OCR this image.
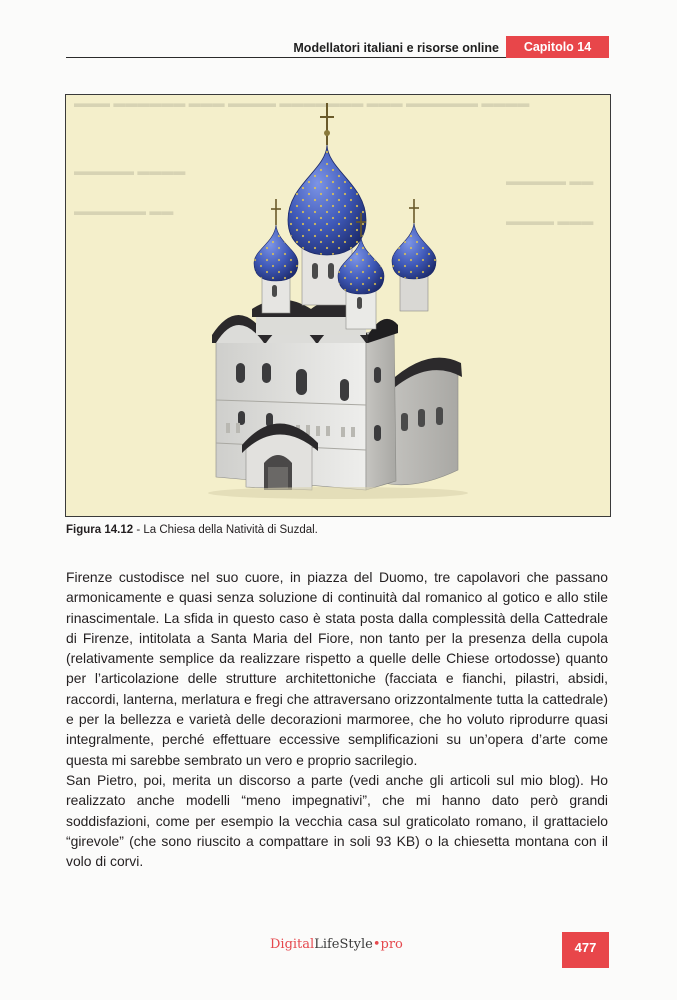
Modellatori italiani e risorse online	Capitolo 14
▬▬▬ ▬▬▬▬▬▬ ▬▬▬ ▬▬▬▬ ▬▬▬▬▬▬▬ ▬▬▬ ▬▬▬▬▬▬ ▬▬▬▬
▬▬▬▬▬ ▬▬▬▬
▬▬▬▬▬▬ ▬▬
▬▬▬▬▬ ▬▬
▬▬▬▬ ▬▬▬
Figura 14.12 - La Chiesa della Natività di Suzdal.

Firenze custodisce nel suo cuore, in piazza del Duomo, tre capolavori che passano armonicamente e quasi senza soluzione di continuità dal romanico al gotico e allo stile rinascimentale. La sfida in questo caso è stata posta dalla complessità della Cattedrale di Firenze, intitolata a Santa Maria del Fiore, non tanto per la presenza della cupola (relativamente semplice da realizzare rispetto a quelle delle Chiese ortodosse) quanto per l’articolazione delle strutture architettoniche (facciata e fianchi, pilastri, absidi, raccordi, lanterna, merlatura e fregi che attraversano orizzontalmente tutta la cattedrale) e per la bellezza e varietà delle decorazioni marmoree, che ho voluto riprodurre quasi integralmente, perché effettuare eccessive semplificazioni su un’opera d’arte come questa mi sarebbe sembrato un vero e proprio sacrilegio.

San Pietro, poi, merita un discorso a parte (vedi anche gli articoli sul mio blog). Ho realizzato anche modelli “meno impegnativi”, che mi hanno dato però grandi soddisfazioni, come per esempio la vecchia casa sul graticolato romano, il grattacielo “girevole” (che sono riuscito a compattare in soli 93 KB) o la chiesetta montana con il volo di corvi.

DigitalLifeStyle•pro	477
